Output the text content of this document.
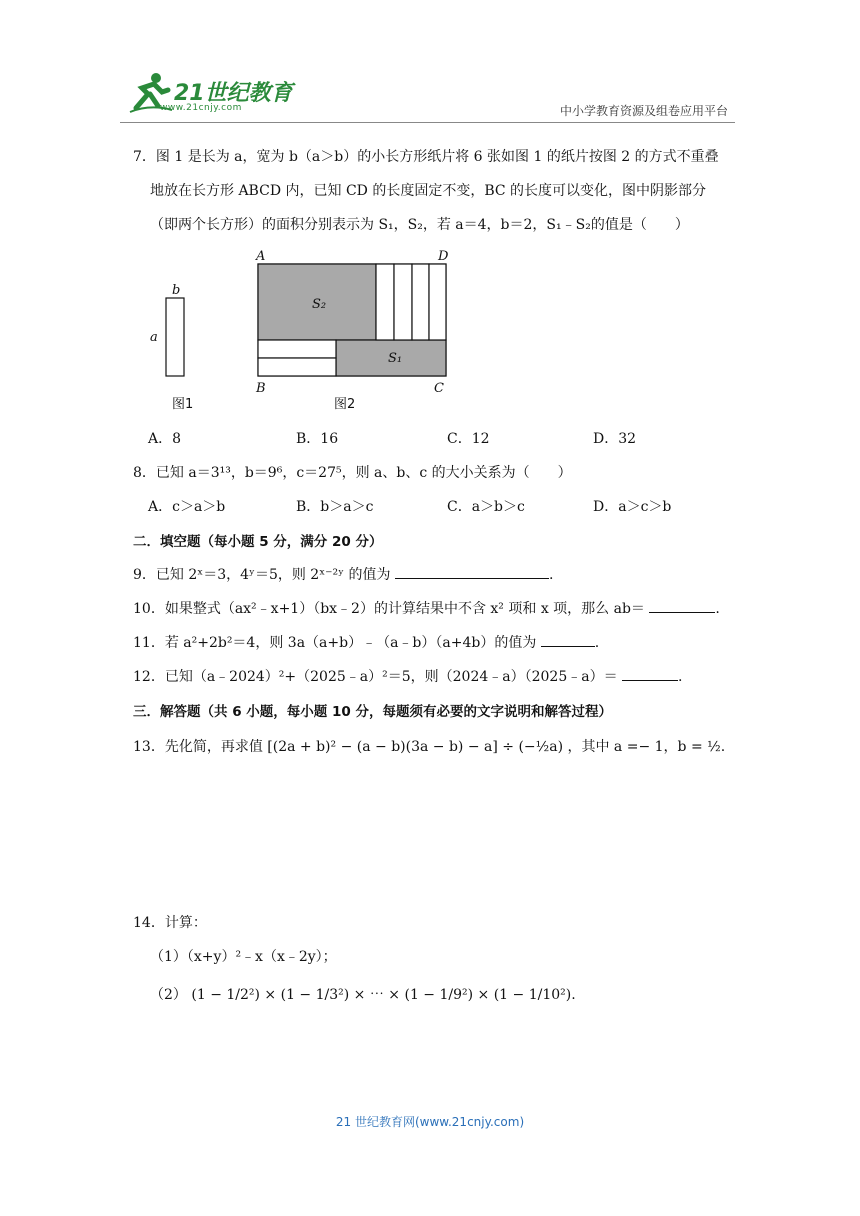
21世纪教育
www.21cnjy.com	中小学教育资源及组卷应用平台
7．图 1 是长为 a，宽为 b（a＞b）的小长方形纸片将 6 张如图 1 的纸片按图 2 的方式不重叠
地放在长方形 ABCD 内，已知 CD 的长度固定不变，BC 的长度可以变化，图中阴影部分
（即两个长方形）的面积分别表示为 S₁，S₂，若 a＝4，b＝2，S₁﹣S₂的值是（　　）
b
a
图1
A	D
B	C
S₂
S₁
图2
A．8	B．16	C．12	D．32
8．已知 a＝3¹³，b＝9⁶，c＝27⁵，则 a、b、c 的大小关系为（　　）
A．c＞a＞b	B．b＞a＞c	C．a＞b＞c	D．a＞c＞b
二．填空题（每小题 5 分，满分 20 分）
9．已知 2ˣ＝3，4ʸ＝5，则 2ˣ⁻²ʸ 的值为	.
10．如果整式（ax²﹣x+1）（bx﹣2）的计算结果中不含 x² 项和 x 项，那么 ab＝	.
11．若 a²+2b²＝4，则 3a（a+b）﹣（a﹣b）（a+4b）的值为	.
12．已知（a﹣2024）²+（2025﹣a）²＝5，则（2024﹣a）（2025﹣a）＝	.
三．解答题（共 6 小题，每小题 10 分，每题须有必要的文字说明和解答过程）
13．先化简，再求值 [(2a + b)² − (a − b)(3a − b) − a] ÷ (−½a) ，其中 a =− 1，b = ½.
14．计算：
（1）（x+y）²﹣x（x﹣2y）；
（2） (1 − 1/2²) × (1 − 1/3²) × ⋯ × (1 − 1/9²) × (1 − 1/10²).
21 世纪教育网(www.21cnjy.com)
